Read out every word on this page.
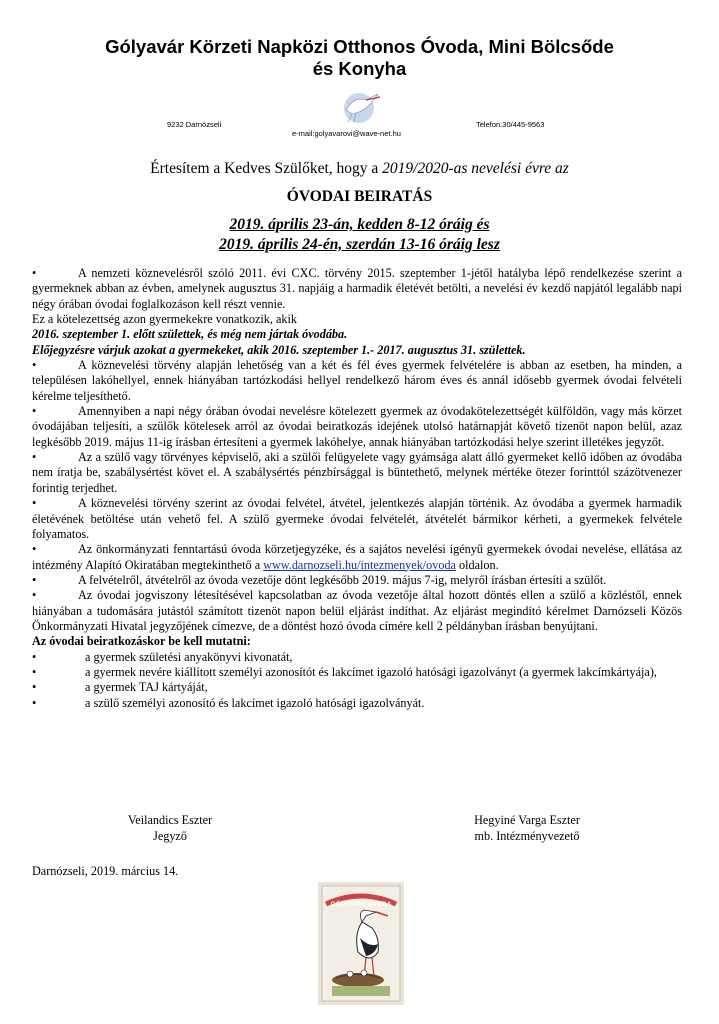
Gólyavár Körzeti Napközi Otthonos Óvoda, Mini Bölcsőde
és Konyha
9232 Darnózseli
e-mail:golyavarovi@wave-net.hu
Telefon:30/445-9563
Értesítem a Kedves Szülőket, hogy a 2019/2020-as nevelési évre az
ÓVODAI BEIRATÁS
2019. április 23-án, kedden 8-12 óráig és
2019. április 24-én, szerdán 13-16 óráig lesz

•	A nemzeti köznevelésről szóló 2011. évi CXC. törvény 2015. szeptember 1-jétől hatályba lépő rendelkezése szerint a gyermeknek abban az évben, amelynek augusztus 31. napjáig a harmadik életévét betölti, a nevelési év kezdő napjától legalább napi négy órában óvodai foglalkozáson kell részt vennie.

Ez a kötelezettség azon gyermekekre vonatkozik, akik

2016. szeptember 1. előtt születtek, és még nem jártak óvodába.

Előjegyzésre várjuk azokat a gyermekeket, akik 2016. szeptember 1.- 2017. augusztus 31. születtek.

•	A köznevelési törvény alapján lehetőség van a két és fél éves gyermek felvételére is abban az esetben, ha minden, a településen lakóhellyel, ennek hiányában tartózkodási hellyel rendelkező három éves és annál idősebb gyermek óvodai felvételi kérelme teljesíthető.

•	Amennyiben a napi négy órában óvodai nevelésre kötelezett gyermek az óvodakötelezettségét külföldön, vagy más körzet óvodájában teljesíti, a szülők kötelesek arról az óvodai beiratkozás idejének utolsó határnapját követő tizenöt napon belül, azaz legkésőbb 2019. május 11-ig írásban értesíteni a gyermek lakóhelye, annak hiányában tartózkodási helye szerint illetékes jegyzőt.

•	Az a szülő vagy törvényes képviselő, aki a szülői felügyelete vagy gyámsága alatt álló gyermeket kellő időben az óvodába nem íratja be, szabálysértést követ el. A szabálysértés pénzbírsággal is büntethető, melynek mértéke ötezer forinttól százötvenezer forintig terjedhet.

•	A köznevelési törvény szerint az óvodai felvétel, átvétel, jelentkezés alapján történik. Az óvodába a gyermek harmadik életévének betöltése után vehető fel. A szülő gyermeke óvodai felvételét, átvételét bármikor kérheti, a gyermekek felvétele folyamatos.

•	Az önkormányzati fenntartású óvoda körzetjegyzéke, és a sajátos nevelési igényű gyermekek óvodai nevelése, ellátása az intézmény Alapító Okiratában megtekinthető a www.darnozseli.hu/intezmenyek/ovoda oldalon.

•	A felvételről, átvételről az óvoda vezetője dönt legkésőbb 2019. május 7-ig, melyről írásban értesíti a szülőt.

•	Az óvodai jogviszony létesítésével kapcsolatban az óvoda vezetője által hozott döntés ellen a szülő a közléstől, ennek hiányában a tudomására jutástól számított tizenöt napon belül eljárást indíthat. Az eljárást megindító kérelmet Darnózseli Közös Önkormányzati Hivatal jegyzőjének címezve, de a döntést hozó óvoda címére kell 2 példányban írásban benyújtani.

Az óvodai beiratkozáskor be kell mutatni:

•	a gyermek születési anyakönyvi kivonatát,
•	a gyermek nevére kiállított személyi azonosítót és lakcímet igazoló hatósági igazolványt (a gyermek lakcímkártyája),
•	a gyermek TAJ kártyáját,
•	a szülő személyi azonosító és lakcímet igazoló hatósági igazolványát.
Veilandics Eszter
Jegyző
Hegyiné Varga Eszter
mb. Intézményvezető
Darnózseli, 2019. március 14.
GÓLYAVÁR ÓVODA
